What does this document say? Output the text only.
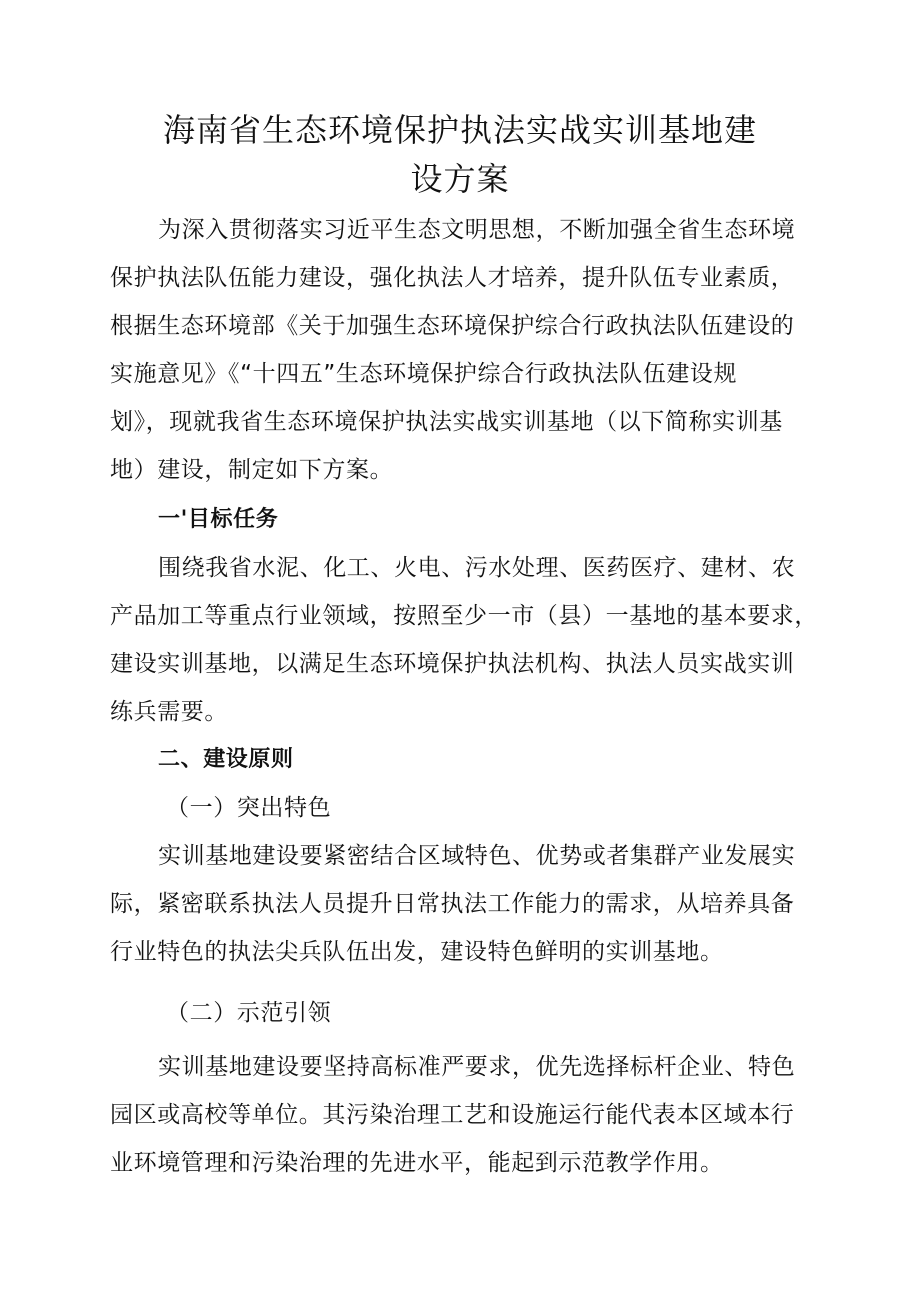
海南省生态环境保护执法实战实训基地建
设方案
为深入贯彻落实习近平生态文明思想，不断加强全省生态环境
保护执法队伍能力建设，强化执法人才培养，提升队伍专业素质，
根据生态环境部《关于加强生态环境保护综合行政执法队伍建设的
实施意见》《“十四五”生态环境保护综合行政执法队伍建设规
划》，现就我省生态环境保护执法实战实训基地（以下简称实训基
地）建设，制定如下方案。
一'目标任务
围绕我省水泥、化工、火电、污水处理、医药医疗、建材、农
产品加工等重点行业领域，按照至少一市（县）一基地的基本要求，
建设实训基地，以满足生态环境保护执法机构、执法人员实战实训
练兵需要。
二、建设原则
（一）突出特色
实训基地建设要紧密结合区域特色、优势或者集群产业发展实
际，紧密联系执法人员提升日常执法工作能力的需求，从培养具备
行业特色的执法尖兵队伍出发，建设特色鲜明的实训基地。
（二）示范引领
实训基地建设要坚持高标准严要求，优先选择标杆企业、特色
园区或高校等单位。其污染治理工艺和设施运行能代表本区域本行
业环境管理和污染治理的先进水平，能起到示范教学作用。
